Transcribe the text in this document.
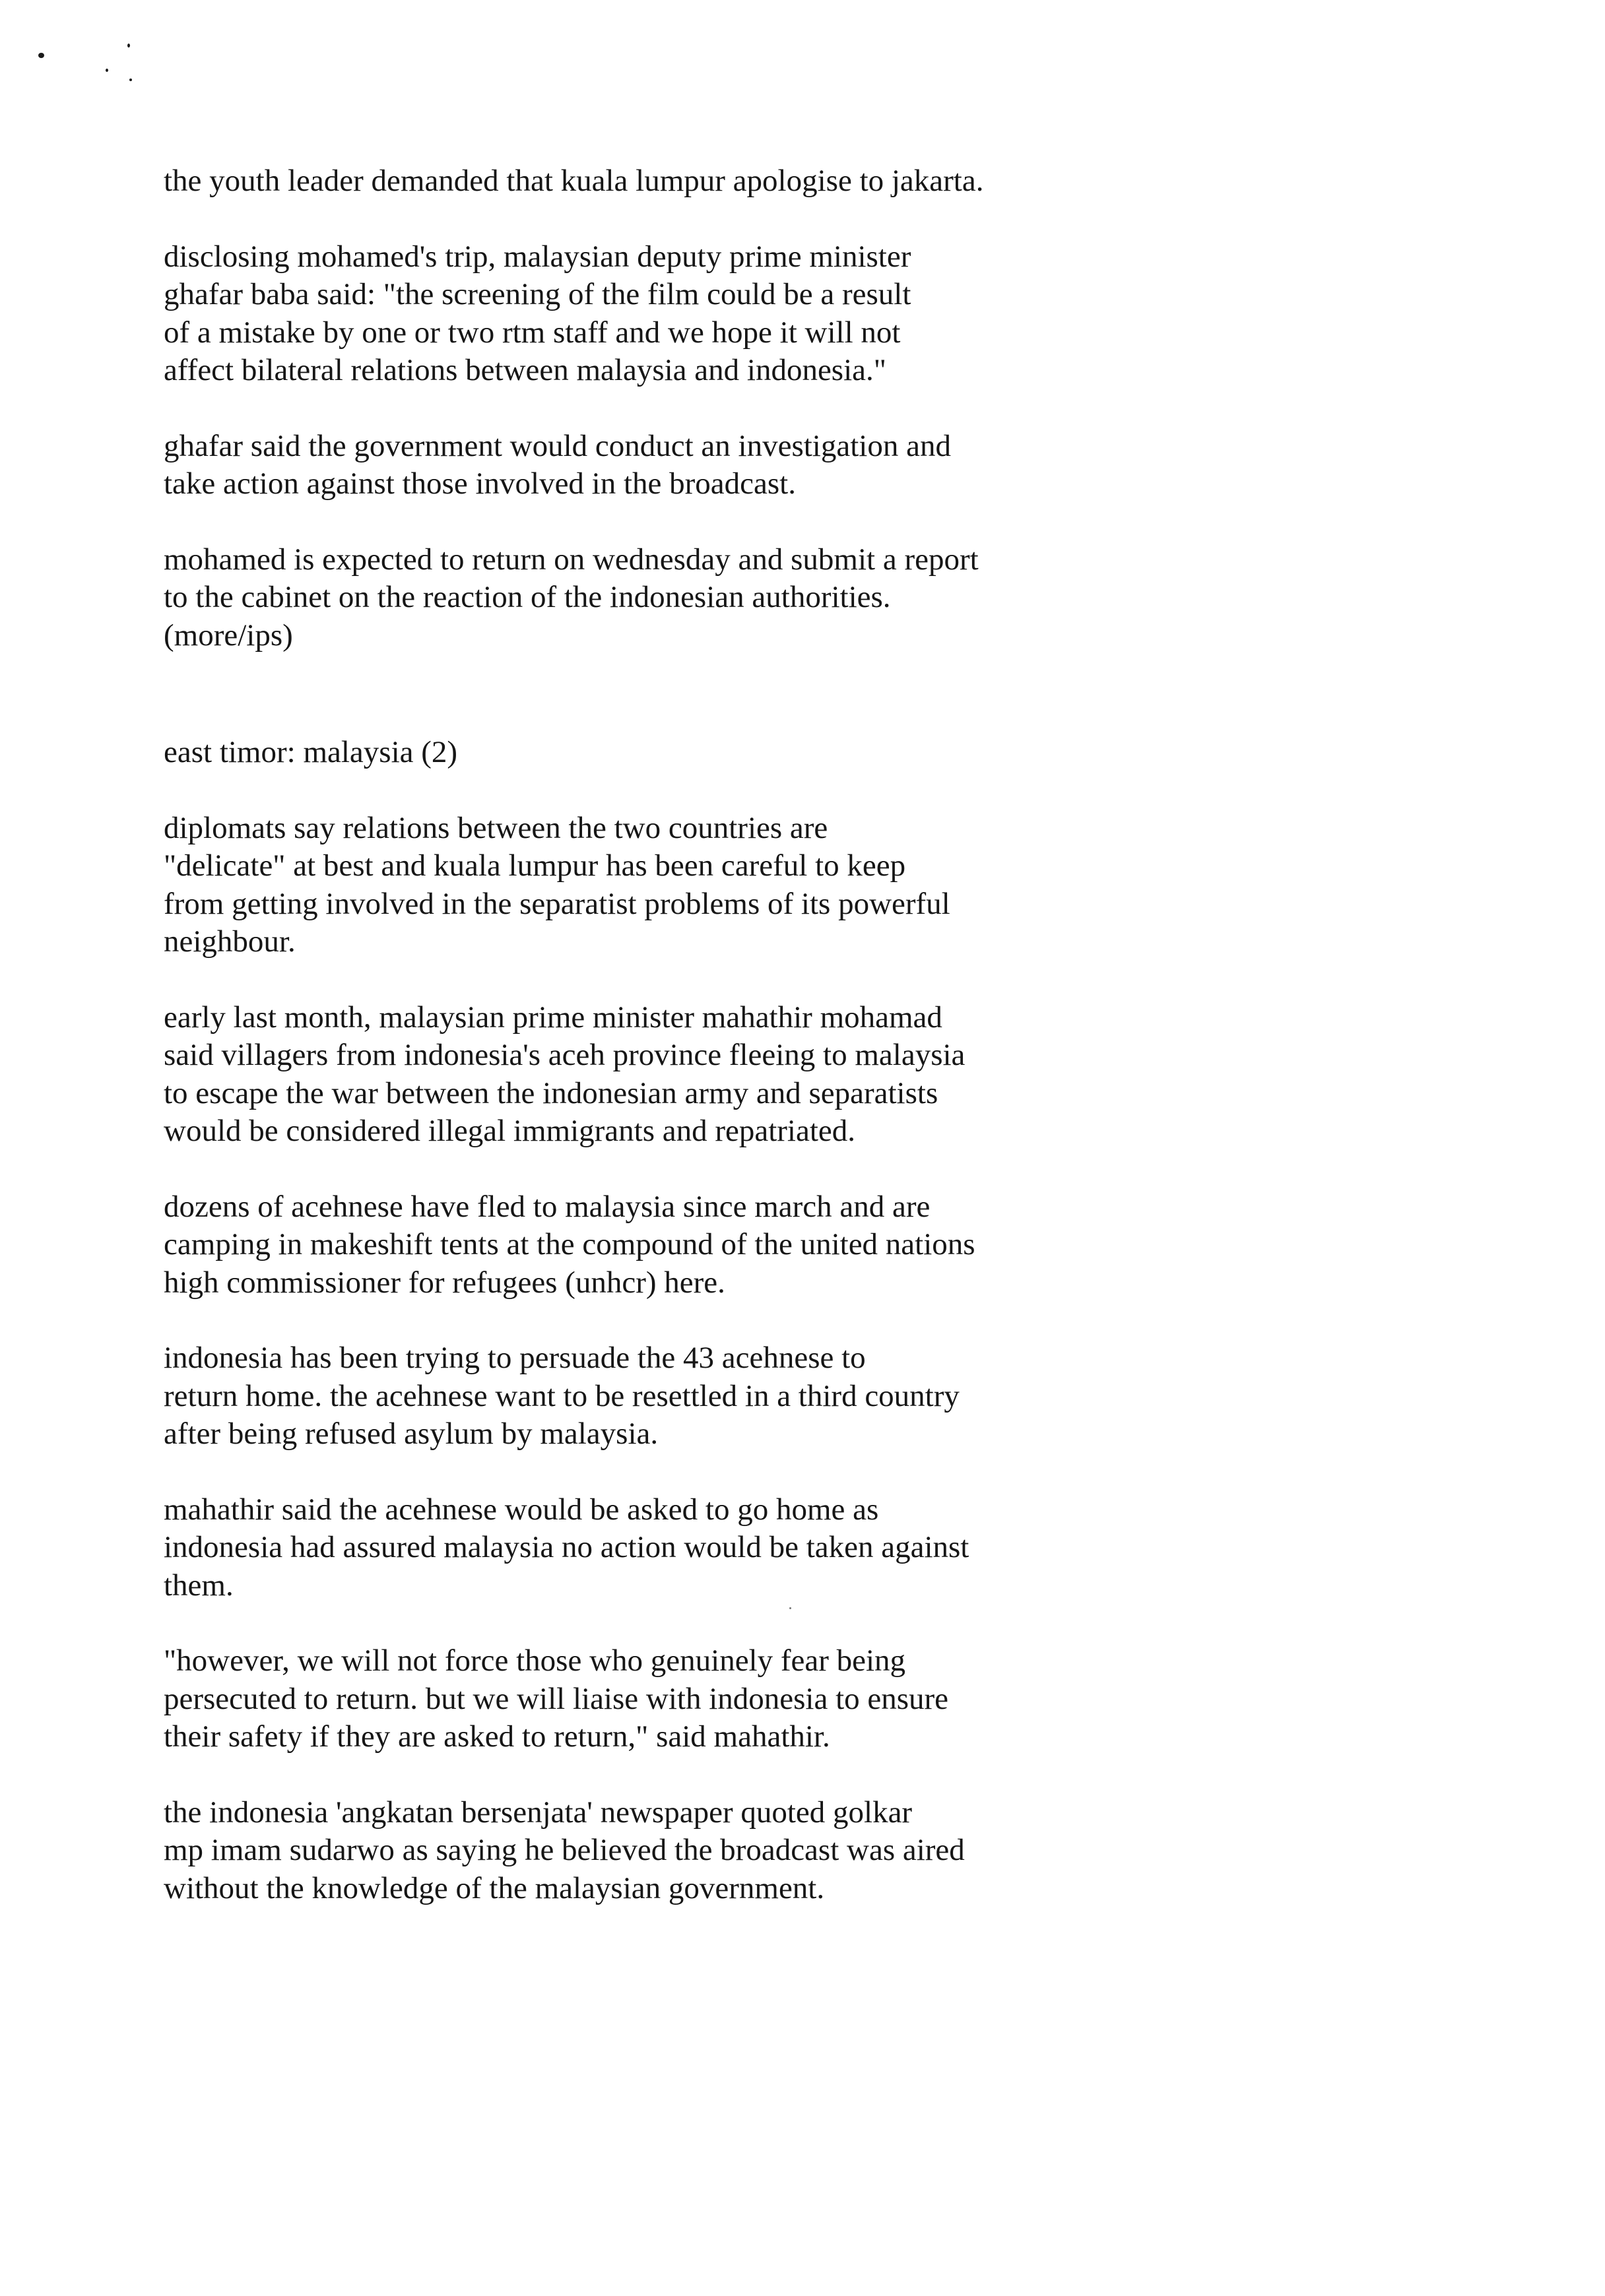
the youth leader demanded that kuala lumpur apologise to jakarta.
disclosing mohamed's trip, malaysian deputy prime minister
ghafar baba said: "the screening of the film could be a result
of a mistake by one or two rtm staff and we hope it will not
affect bilateral relations between malaysia and indonesia."
ghafar said the government would conduct an investigation and
take action against those involved in the broadcast.
mohamed is expected to return on wednesday and submit a report
to the cabinet on the reaction of the indonesian authorities.
(more/ips)
east timor: malaysia (2)
diplomats say relations between the two countries are
"delicate" at best and kuala lumpur has been careful to keep
from getting involved in the separatist problems of its powerful
neighbour.
early last month, malaysian prime minister mahathir mohamad
said villagers from indonesia's aceh province fleeing to malaysia
to escape the war between the indonesian army and separatists
would be considered illegal immigrants and repatriated.
dozens of acehnese have fled to malaysia since march and are
camping in makeshift tents at the compound of the united nations
high commissioner for refugees (unhcr) here.
indonesia has been trying to persuade the 43 acehnese to
return home. the acehnese want to be resettled in a third country
after being refused asylum by malaysia.
mahathir said the acehnese would be asked to go home as
indonesia had assured malaysia no action would be taken against
them.
"however, we will not force those who genuinely fear being
persecuted to return. but we will liaise with indonesia to ensure
their safety if they are asked to return," said mahathir.
the indonesia 'angkatan bersenjata' newspaper quoted golkar
mp imam sudarwo as saying he believed the broadcast was aired
without the knowledge of the malaysian government.
